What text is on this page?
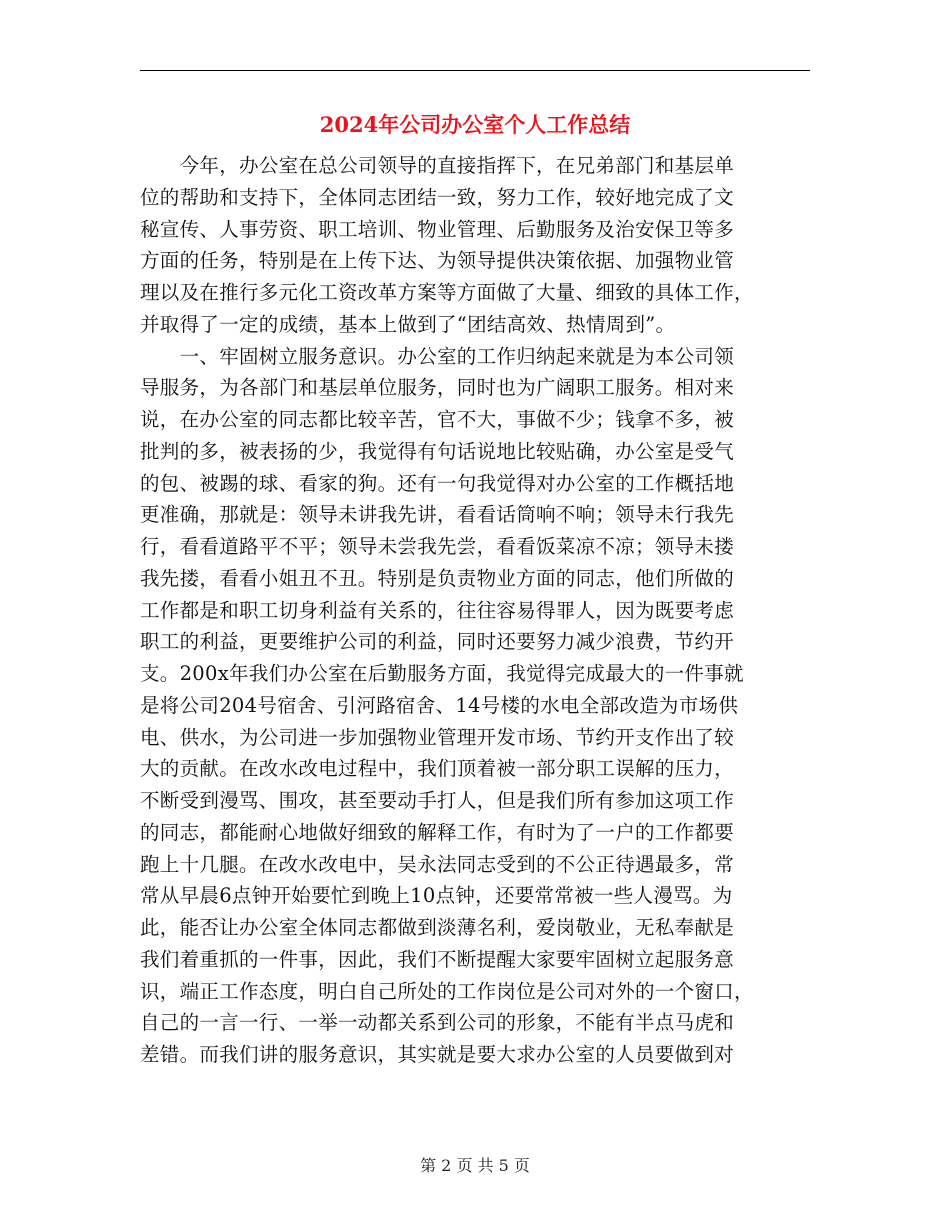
2024年公司办公室个人工作总结
　　今年，办公室在总公司领导的直接指挥下，在兄弟部门和基层单
位的帮助和支持下，全体同志团结一致，努力工作，较好地完成了文
秘宣传、人事劳资、职工培训、物业管理、后勤服务及治安保卫等多
方面的任务，特别是在上传下达、为领导提供决策依据、加强物业管
理以及在推行多元化工资改革方案等方面做了大量、细致的具体工作，
并取得了一定的成绩，基本上做到了“团结高效、热情周到”。
　　一、牢固树立服务意识。办公室的工作归纳起来就是为本公司领
导服务，为各部门和基层单位服务，同时也为广阔职工服务。相对来
说，在办公室的同志都比较辛苦，官不大，事做不少；钱拿不多，被
批判的多，被表扬的少，我觉得有句话说地比较贴确，办公室是受气
的包、被踢的球、看家的狗。还有一句我觉得对办公室的工作概括地
更准确，那就是：领导未讲我先讲，看看话筒响不响；领导未行我先
行，看看道路平不平；领导未尝我先尝，看看饭菜凉不凉；领导未搂
我先搂，看看小姐丑不丑。特别是负责物业方面的同志，他们所做的
工作都是和职工切身利益有关系的，往往容易得罪人，因为既要考虑
职工的利益，更要维护公司的利益，同时还要努力减少浪费，节约开
支。200x年我们办公室在后勤服务方面，我觉得完成最大的一件事就
是将公司204号宿舍、引河路宿舍、14号楼的水电全部改造为市场供
电、供水，为公司进一步加强物业管理开发市场、节约开支作出了较
大的贡献。在改水改电过程中，我们顶着被一部分职工误解的压力，
不断受到漫骂、围攻，甚至要动手打人，但是我们所有参加这项工作
的同志，都能耐心地做好细致的解释工作，有时为了一户的工作都要
跑上十几腿。在改水改电中，吴永法同志受到的不公正待遇最多，常
常从早晨6点钟开始要忙到晚上10点钟，还要常常被一些人漫骂。为
此，能否让办公室全体同志都做到淡薄名利，爱岗敬业，无私奉献是
我们着重抓的一件事，因此，我们不断提醒大家要牢固树立起服务意
识，端正工作态度，明白自己所处的工作岗位是公司对外的一个窗口，
自己的一言一行、一举一动都关系到公司的形象，不能有半点马虎和
差错。而我们讲的服务意识，其实就是要大求办公室的人员要做到对
第 2 页 共 5 页
